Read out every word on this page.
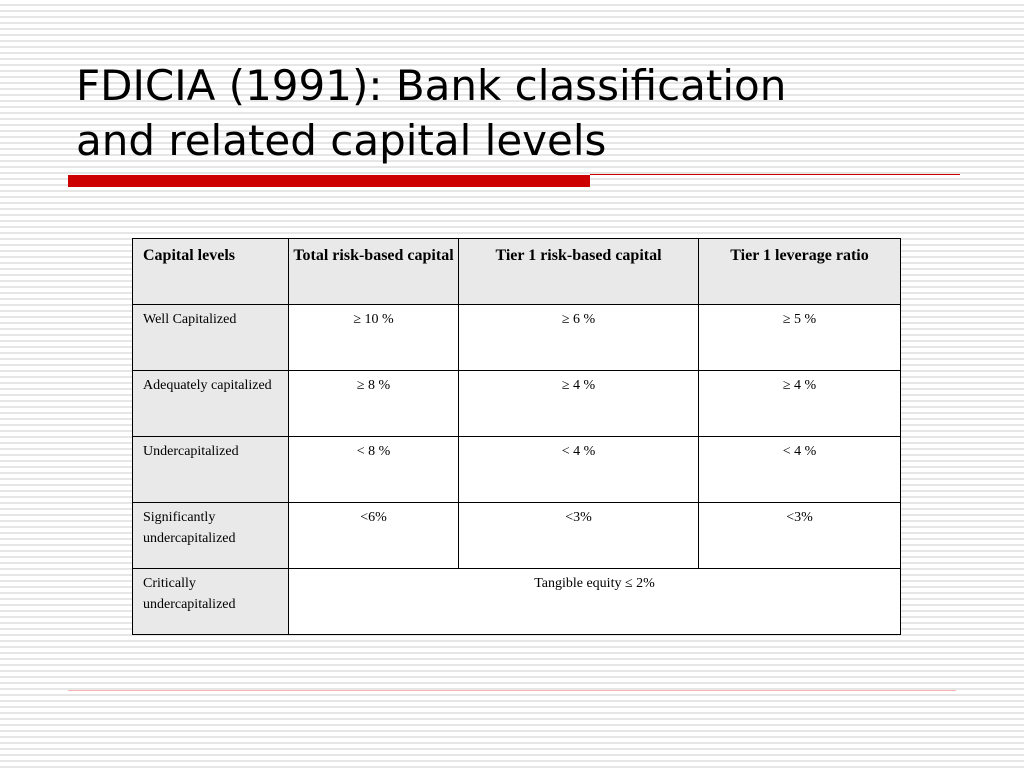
FDICIA (1991): Bank classification
and related capital levels
Capital levels	Total risk-based capital	Tier 1 risk-based capital	Tier 1 leverage ratio
Well Capitalized	≥ 10 %	≥ 6 %	≥ 5 %
Adequately capitalized	≥ 8 %	≥ 4 %	≥ 4 %
Undercapitalized	< 8 %	< 4 %	< 4 %
Significantly undercapitalized	<6%	<3%	<3%
Critically undercapitalized	Tangible equity ≤ 2%		
